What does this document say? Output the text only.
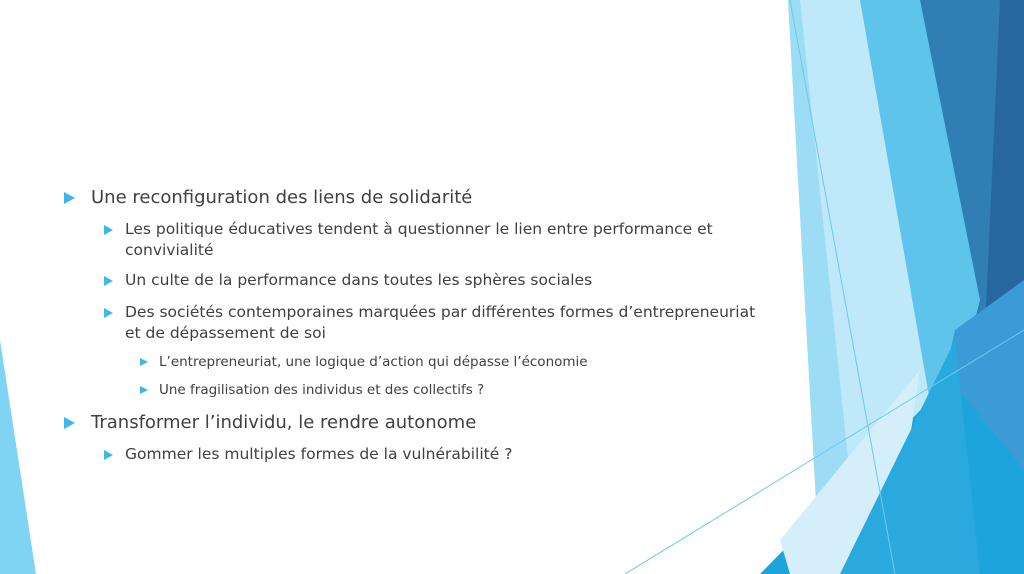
Une reconfiguration des liens de solidarité
Les politique éducatives tendent à questionner le lien entre performance et convivialité
Un culte de la performance dans toutes les sphères sociales
Des sociétés contemporaines marquées par différentes formes d’entrepreneuriat et de dépassement de soi
L’entrepreneuriat, une logique d’action qui dépasse l’économie
Une fragilisation des individus et des collectifs ?
Transformer l’individu, le rendre autonome
Gommer les multiples formes de la vulnérabilité ?
